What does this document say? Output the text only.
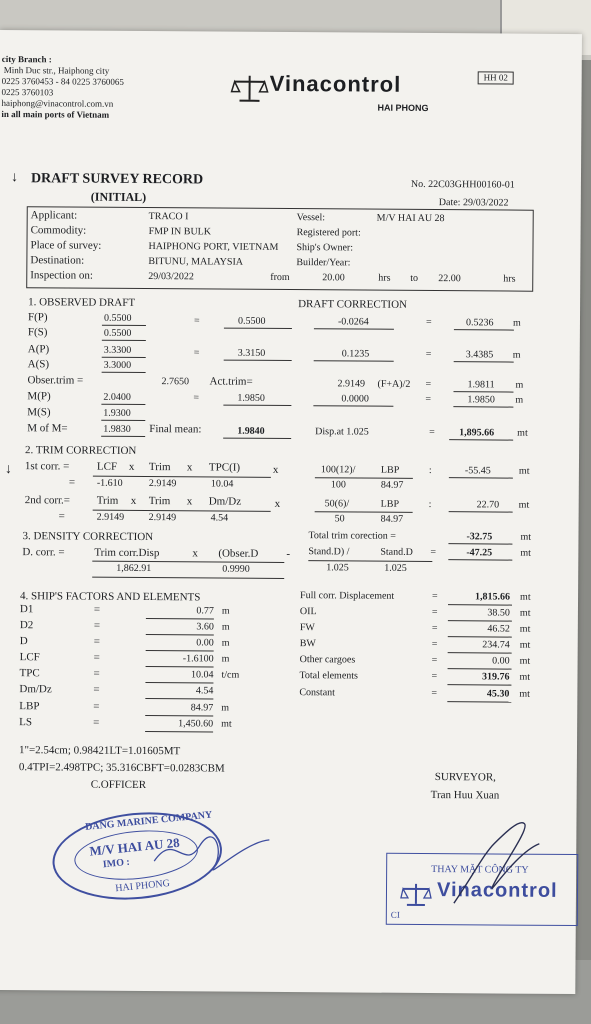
city Branch :
Minh Duc str., Haiphong city
0225 3760453 - 84 0225 3760065
0225 3760103
haiphong@vinacontrol.com.vn
in all main ports of Vietnam
Vinacontrol
HAI PHONG
HH 02
↓ DRAFT SURVEY RECORD
(INITIAL)
No. 22C03GHH00160-01
Date: 29/03/2022
Applicant:	TRACO I
Commodity:	FMP IN BULK
Place of survey:	HAIPHONG PORT, VIETNAM
Destination:	BITUNU, MALAYSIA
Inspection on:	29/03/2022
Vessel:	M/V HAI AU 28
Registered port:
Ship's Owner:
Builder/Year:
from	20.00	hrs to 22.00	hrs
1. OBSERVED DRAFT	DRAFT CORRECTION
F(P)	0.5500	=	0.5500	-0.0264	=	0.5236 m
F(S)	0.5500
A(P)	3.3300	=	3.3150	0.1235	=	3.4385 m
A(S)	3.3000
Obser.trim =	2.7650 Act.trim=	2.9149 (F+A)/2 =	1.9811 m
M(P)	2.0400	=	1.9850	0.0000	=	1.9850 m
M(S)	1.9300
M of M=	1.9830 Final mean:	1.9840	Disp.at 1.025	= 1,895.66 mt
2. TRIM CORRECTION
↓ 1st corr. =	LCF x Trim x TPC(I)	x	100(12)/	LBP	:	-55.45	mt
= -1.610	2.9149	10.04	100	84.97
2nd corr.= Trim x Trim x Dm/Dz	x	50(6)/	LBP	:	22.70 mt
=	2.9149 2.9149	4.54	50	84.97
3. DENSITY CORRECTION	Total trim corection =	-32.75	mt
D. corr. =	Trim corr.Disp	x (Obser.D	- Stand.D) /	Stand.D =	-47.25	mt
1,862.91	0.9990	1.025	1.025
4. SHIP'S FACTORS AND ELEMENTS
1"=2.54cm; 0.98421LT=1.01605MT
0.4TPI=2.498TPC; 35.316CBFT=0.0283CBM
C.OFFICER
SURVEYOR,
Tran Huu Xuan
DANG MARINE COMPANY
M/V HAI AU 28
IMO :
HAI PHONG
THAY MẶT CÔNG TY
Vinacontrol
CI
D1	=	0.77 m
D2	=	3.60 m
D	=	0.00 m
LCF	=	-1.6100 m
TPC	=	10.04 t/cm
Dm/Dz	=	4.54
LBP	=	84.97 m
LS	=	1,450.60 mt
Full corr. Displacement	=	1,815.66 mt
OIL	=	38.50 mt
FW	=	46.52 mt
BW	=	234.74 mt
Other cargoes	=	0.00 mt
Total elements	=	319.76 mt
Constant	=	45.30 mt
